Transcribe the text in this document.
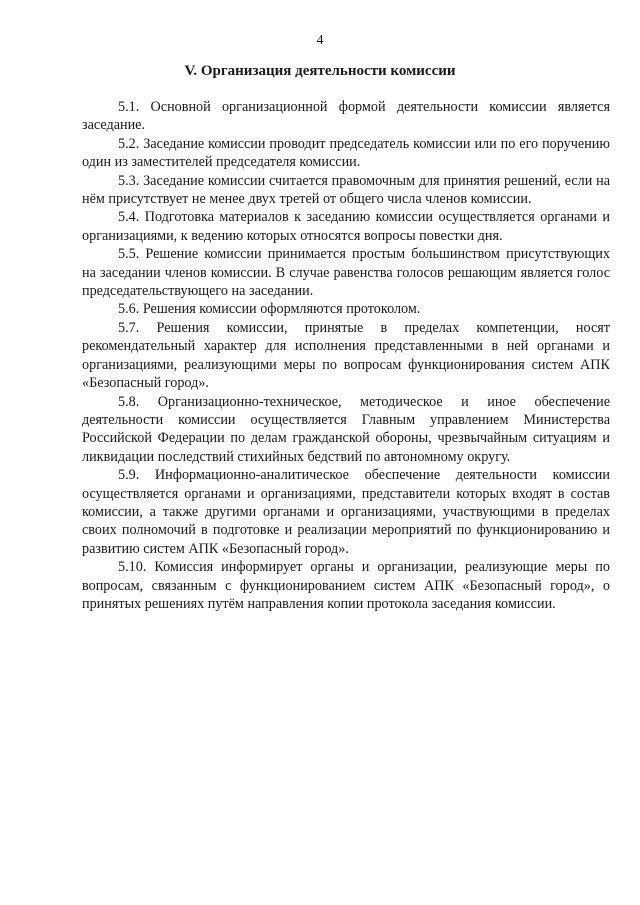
4
V. Организация деятельности комиссии

5.1. Основной организационной формой деятельности комиссии является заседание.

5.2. Заседание комиссии проводит председатель комиссии или по его поручению один из заместителей председателя комиссии.

5.3. Заседание комиссии считается правомочным для принятия решений, если на нём присутствует не менее двух третей от общего числа членов комиссии.

5.4. Подготовка материалов к заседанию комиссии осуществляется органами и организациями, к ведению которых относятся вопросы повестки дня.

5.5. Решение комиссии принимается простым большинством присутствующих на заседании членов комиссии. В случае равенства голосов решающим является голос председательствующего на заседании.

5.6. Решения комиссии оформляются протоколом.

5.7. Решения комиссии, принятые в пределах компетенции, носят рекомендательный характер для исполнения представленными в ней органами и организациями, реализующими меры по вопросам функционирования систем АПК «Безопасный город».

5.8. Организационно-техническое, методическое и иное обеспечение деятельности комиссии осуществляется Главным управлением Министерства Российской Федерации по делам гражданской обороны, чрезвычайным ситуациям и ликвидации последствий стихийных бедствий по автономному округу.

5.9. Информационно-аналитическое обеспечение деятельности комиссии осуществляется органами и организациями, представители которых входят в состав комиссии, а также другими органами и организациями, участвующими в пределах своих полномочий в подготовке и реализации мероприятий по функционированию и развитию систем АПК «Безопасный город».

5.10. Комиссия информирует органы и организации, реализующие меры по вопросам, связанным с функционированием систем АПК «Безопасный город», о принятых решениях путём направления копии протокола заседания комиссии.
